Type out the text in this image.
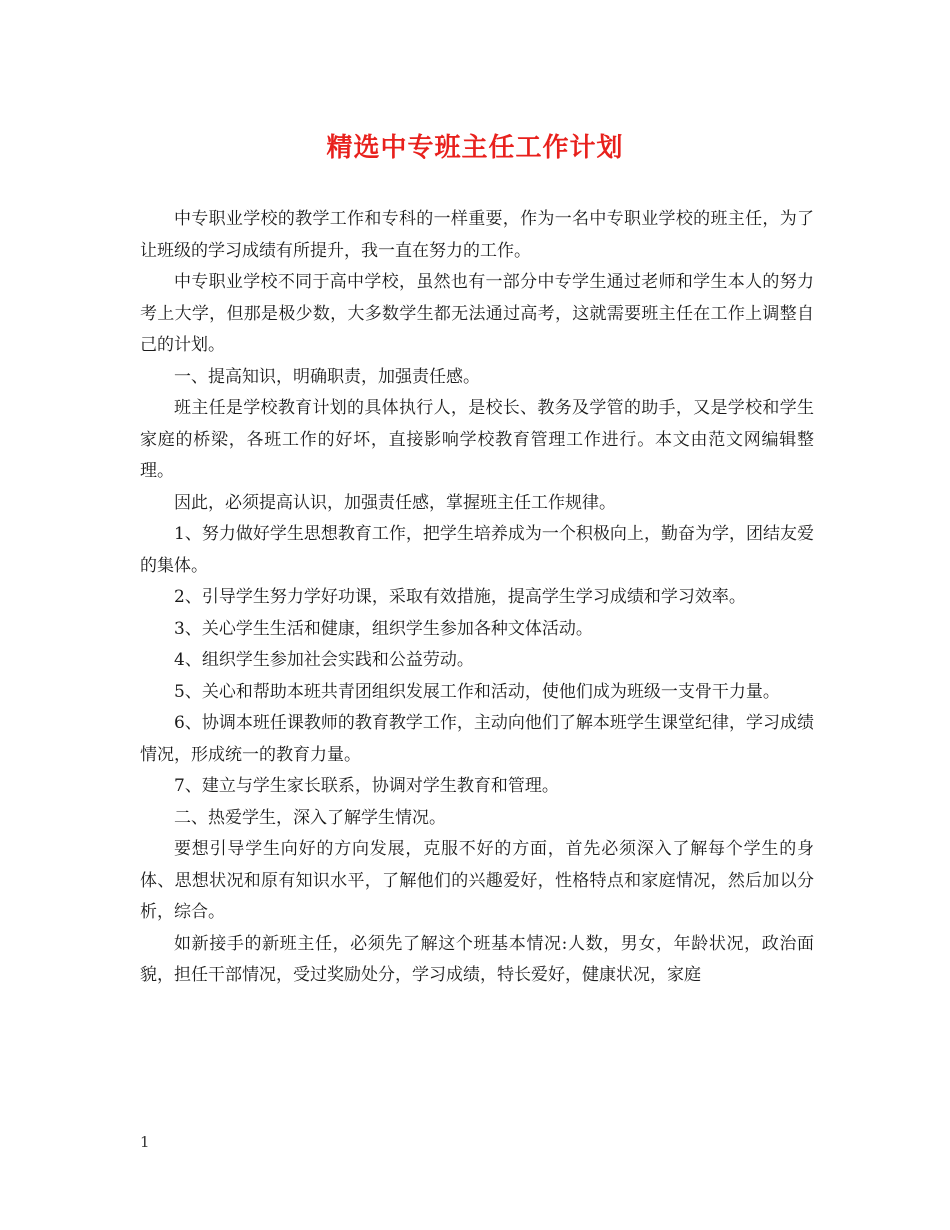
精选中专班主任工作计划

中专职业学校的教学工作和专科的一样重要，作为一名中专职业学校的班主任，为了让班级的学习成绩有所提升，我一直在努力的工作。

中专职业学校不同于高中学校，虽然也有一部分中专学生通过老师和学生本人的努力考上大学，但那是极少数，大多数学生都无法通过高考，这就需要班主任在工作上调整自己的计划。

一、提高知识，明确职责，加强责任感。

班主任是学校教育计划的具体执行人，是校长、教务及学管的助手，又是学校和学生家庭的桥梁，各班工作的好坏，直接影响学校教育管理工作进行。本文由范文网编辑整理。

因此，必须提高认识，加强责任感，掌握班主任工作规律。

1、努力做好学生思想教育工作，把学生培养成为一个积极向上，勤奋为学，团结友爱的集体。

2、引导学生努力学好功课，采取有效措施，提高学生学习成绩和学习效率。

3、关心学生生活和健康，组织学生参加各种文体活动。

4、组织学生参加社会实践和公益劳动。

5、关心和帮助本班共青团组织发展工作和活动，使他们成为班级一支骨干力量。

6、协调本班任课教师的教育教学工作，主动向他们了解本班学生课堂纪律，学习成绩情况，形成统一的教育力量。

7、建立与学生家长联系，协调对学生教育和管理。

二、热爱学生，深入了解学生情况。

要想引导学生向好的方向发展，克服不好的方面，首先必须深入了解每个学生的身体、思想状况和原有知识水平，了解他们的兴趣爱好，性格特点和家庭情况，然后加以分析，综合。

如新接手的新班主任，必须先了解这个班基本情况:人数，男女，年龄状况，政治面貌，担任干部情况，受过奖励处分，学习成绩，特长爱好，健康状况，家庭

1
